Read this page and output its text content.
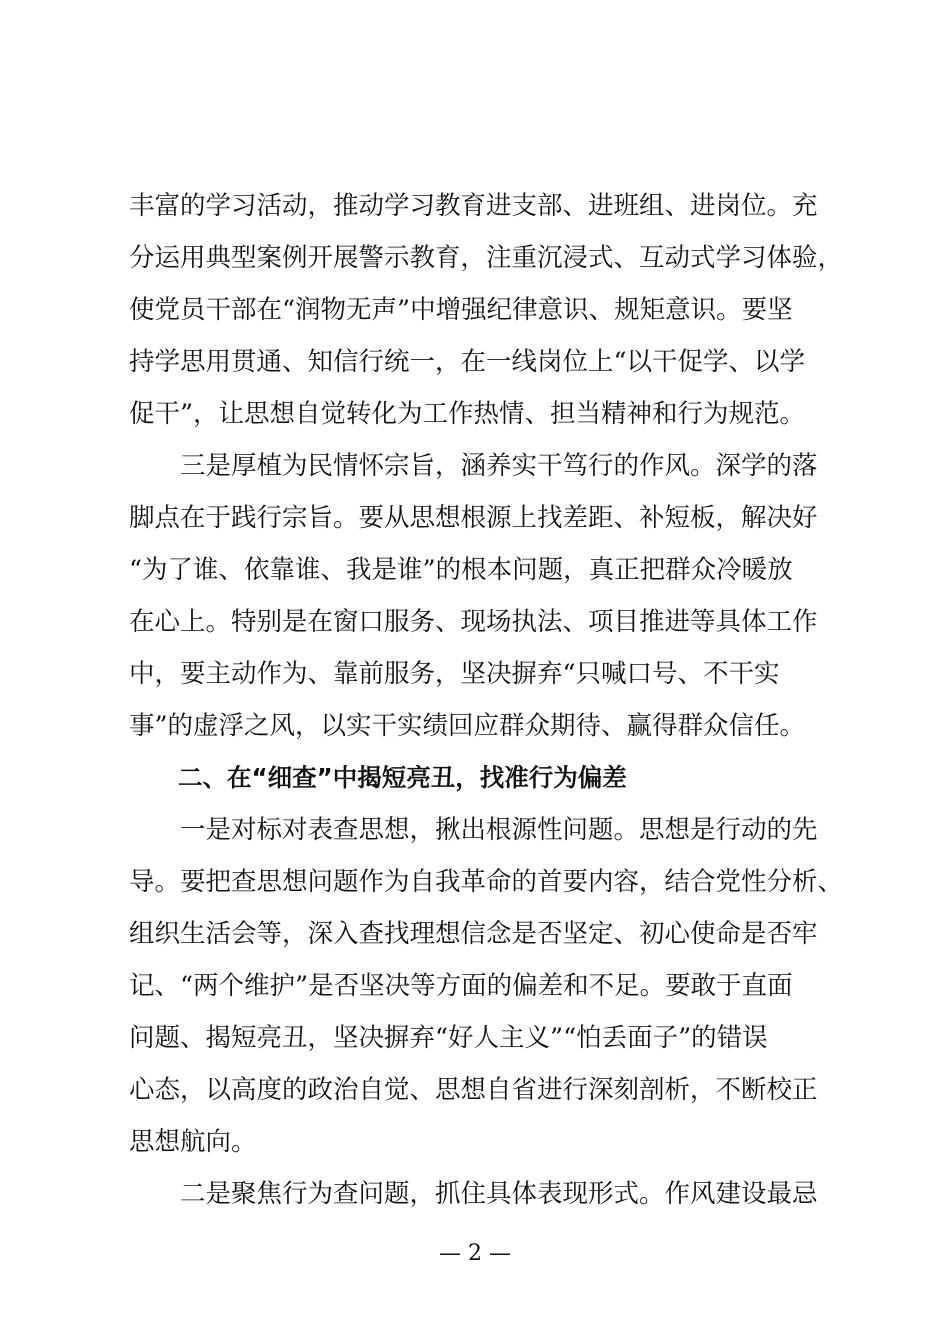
丰富的学习活动，推动学习教育进支部、进班组、进岗位。充
分运用典型案例开展警示教育，注重沉浸式、互动式学习体验，
使党员干部在“润物无声”中增强纪律意识、规矩意识。要坚
持学思用贯通、知信行统一，在一线岗位上“以干促学、以学
促干”，让思想自觉转化为工作热情、担当精神和行为规范。
　　三是厚植为民情怀宗旨，涵养实干笃行的作风。深学的落
脚点在于践行宗旨。要从思想根源上找差距、补短板，解决好
“为了谁、依靠谁、我是谁”的根本问题，真正把群众冷暖放
在心上。特别是在窗口服务、现场执法、项目推进等具体工作
中，要主动作为、靠前服务，坚决摒弃“只喊口号、不干实
事”的虚浮之风，以实干实绩回应群众期待、赢得群众信任。
　　二、在“细查”中揭短亮丑，找准行为偏差
　　一是对标对表查思想，揪出根源性问题。思想是行动的先
导。要把查思想问题作为自我革命的首要内容，结合党性分析、
组织生活会等，深入查找理想信念是否坚定、初心使命是否牢
记、“两个维护”是否坚决等方面的偏差和不足。要敢于直面
问题、揭短亮丑，坚决摒弃“好人主义”“怕丢面子”的错误
心态，以高度的政治自觉、思想自省进行深刻剖析，不断校正
思想航向。
　　二是聚焦行为查问题，抓住具体表现形式。作风建设最忌
— 2 —
